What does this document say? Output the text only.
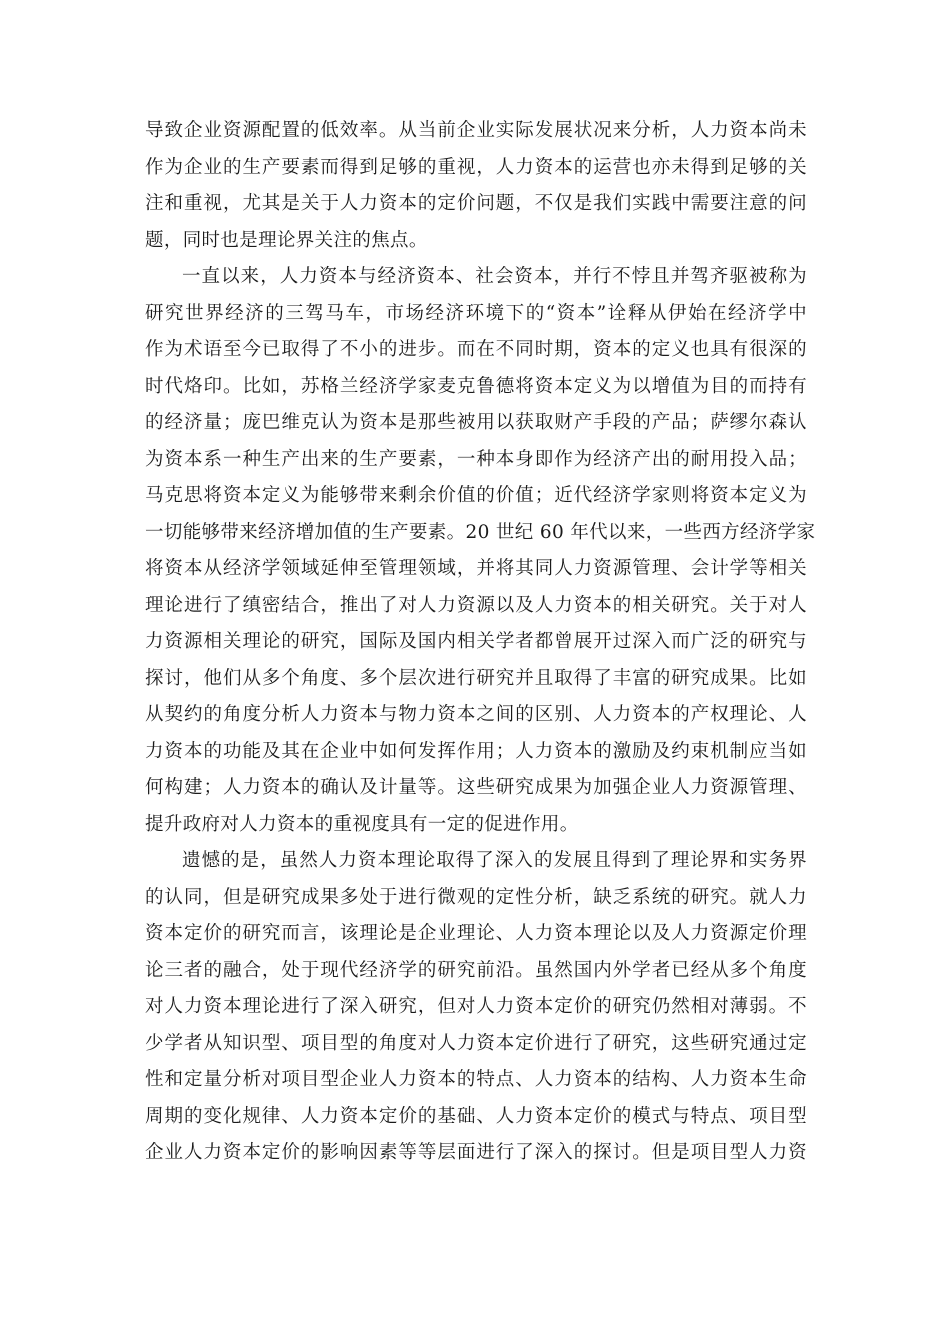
导致企业资源配置的低效率。从当前企业实际发展状况来分析，人力资本尚未
作为企业的生产要素而得到足够的重视，人力资本的运营也亦未得到足够的关
注和重视，尤其是关于人力资本的定价问题，不仅是我们实践中需要注意的问
题，同时也是理论界关注的焦点。
一直以来，人力资本与经济资本、社会资本，并行不悖且并驾齐驱被称为
研究世界经济的三驾马车，市场经济环境下的“资本”诠释从伊始在经济学中
作为术语至今已取得了不小的进步。而在不同时期，资本的定义也具有很深的
时代烙印。比如，苏格兰经济学家麦克鲁德将资本定义为以增值为目的而持有
的经济量；庞巴维克认为资本是那些被用以获取财产手段的产品；萨缪尔森认
为资本系一种生产出来的生产要素，一种本身即作为经济产出的耐用投入品；
马克思将资本定义为能够带来剩余价值的价值；近代经济学家则将资本定义为
一切能够带来经济增加值的生产要素。20 世纪 60 年代以来，一些西方经济学家
将资本从经济学领域延伸至管理领域，并将其同人力资源管理、会计学等相关
理论进行了缜密结合，推出了对人力资源以及人力资本的相关研究。关于对人
力资源相关理论的研究，国际及国内相关学者都曾展开过深入而广泛的研究与
探讨，他们从多个角度、多个层次进行研究并且取得了丰富的研究成果。比如
从契约的角度分析人力资本与物力资本之间的区别、人力资本的产权理论、人
力资本的功能及其在企业中如何发挥作用；人力资本的激励及约束机制应当如
何构建；人力资本的确认及计量等。这些研究成果为加强企业人力资源管理、
提升政府对人力资本的重视度具有一定的促进作用。
遗憾的是，虽然人力资本理论取得了深入的发展且得到了理论界和实务界
的认同，但是研究成果多处于进行微观的定性分析，缺乏系统的研究。就人力
资本定价的研究而言，该理论是企业理论、人力资本理论以及人力资源定价理
论三者的融合，处于现代经济学的研究前沿。虽然国内外学者已经从多个角度
对人力资本理论进行了深入研究，但对人力资本定价的研究仍然相对薄弱。不
少学者从知识型、项目型的角度对人力资本定价进行了研究，这些研究通过定
性和定量分析对项目型企业人力资本的特点、人力资本的结构、人力资本生命
周期的变化规律、人力资本定价的基础、人力资本定价的模式与特点、项目型
企业人力资本定价的影响因素等等层面进行了深入的探讨。但是项目型人力资
